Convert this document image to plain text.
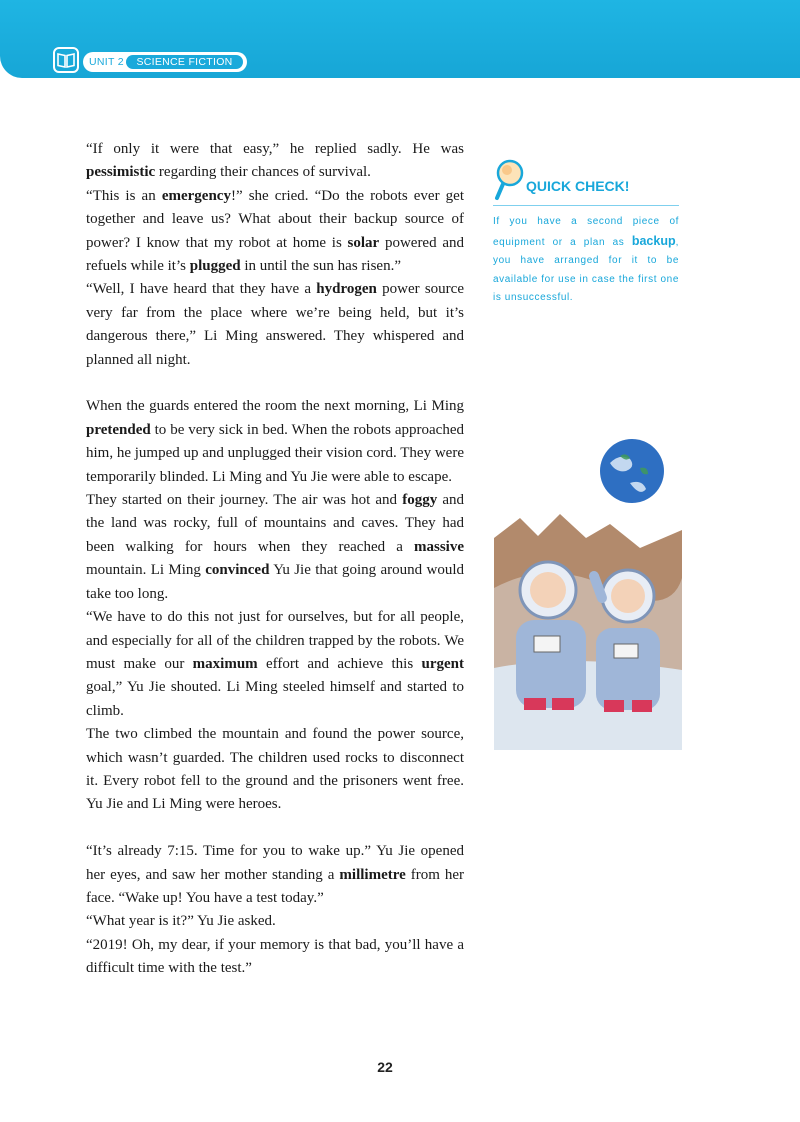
UNIT 2	SCIENCE FICTION

“If only it were that easy,” he replied sadly. He was pessimistic regarding their chances of survival.

“This is an emergency!” she cried. “Do the robots ever get together and leave us? What about their backup source of power? I know that my robot at home is solar powered and refuels while it’s plugged in until the sun has risen.”

“Well, I have heard that they have a hydrogen power source very far from the place where we’re being held, but it’s dangerous there,” Li Ming answered. They whispered and planned all night.

When the guards entered the room the next morning, Li Ming pretended to be very sick in bed. When the robots approached him, he jumped up and unplugged their vision cord. They were temporarily blinded. Li Ming and Yu Jie were able to escape.

They started on their journey. The air was hot and foggy and the land was rocky, full of mountains and caves. They had been walking for hours when they reached a massive mountain. Li Ming convinced Yu Jie that going around would take too long.

“We have to do this not just for ourselves, but for all people, and especially for all of the children trapped by the robots. We must make our maximum effort and achieve this urgent goal,” Yu Jie shouted. Li Ming steeled himself and started to climb.

The two climbed the mountain and found the power source, which wasn’t guarded. The children used rocks to disconnect it. Every robot fell to the ground and the prisoners went free. Yu Jie and Li Ming were heroes.

“It’s already 7:15. Time for you to wake up.” Yu Jie opened her eyes, and saw her mother standing a millimetre from her face. “Wake up! You have a test today.”

“What year is it?” Yu Jie asked.

“2019! Oh, my dear, if your memory is that bad, you’ll have a difficult time with the test.”

QUICK CHECK!
If you have a second piece of equipment or a plan as backup, you have arranged for it to be available for use in case the first one is unsuccessful.
22
